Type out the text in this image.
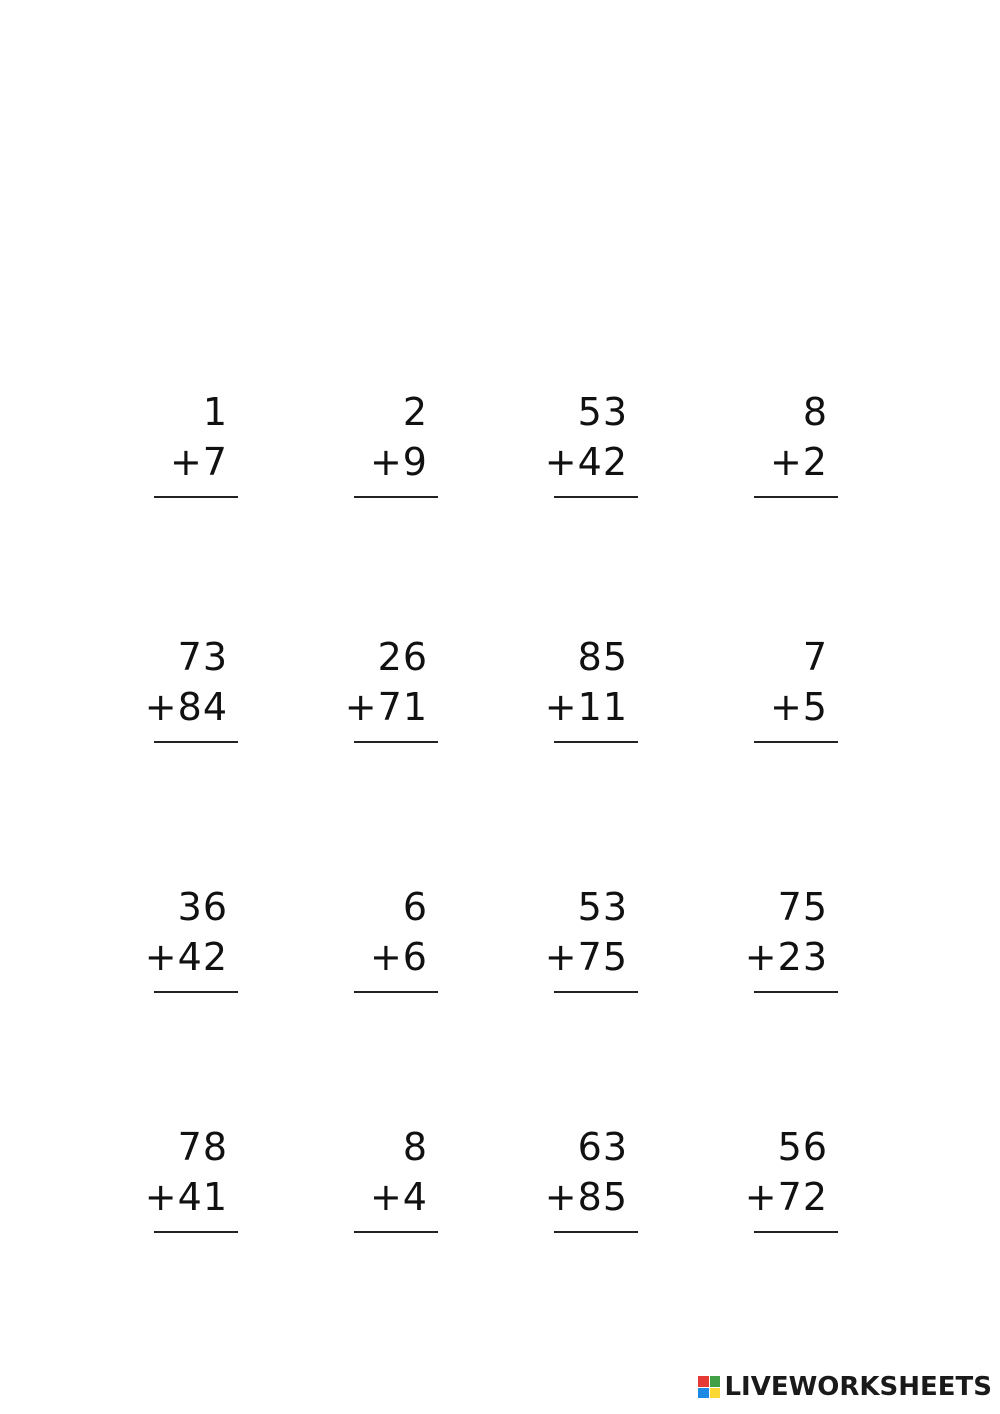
1
+7
2
+9
53
+42
8
+2
73
+84
26
+71
85
+11
7
+5
36
+42
6
+6
53
+75
75
+23
78
+41
8
+4
63
+85
56
+72
LIVEWORKSHEETS
